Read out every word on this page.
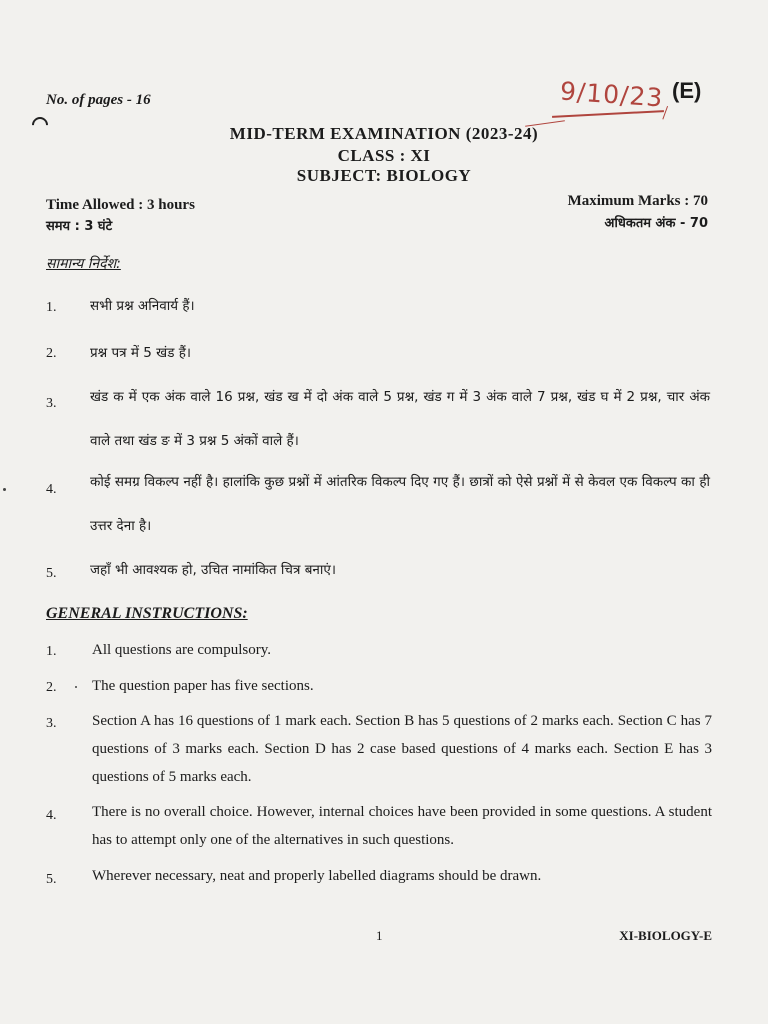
No. of pages - 16	9/10/23 (E)
MID-TERM EXAMINATION (2023-24)
CLASS : XI
SUBJECT: BIOLOGY
Time Allowed : 3 hours
समय : 3 घंटे
Maximum Marks : 70
अधिकतम अंक - 70
सामान्य निर्देश:
1. सभी प्रश्न अनिवार्य हैं।
2. प्रश्न पत्र में 5 खंड हैं।
3. खंड क में एक अंक वाले 16 प्रश्न, खंड ख में दो अंक वाले 5 प्रश्न, खंड ग में 3 अंक वाले 7 प्रश्न, खंड घ में 2 प्रश्न, चार अंक वाले तथा खंड ङ में 3 प्रश्न 5 अंकों वाले हैं।
4. कोई समग्र विकल्प नहीं है। हालांकि कुछ प्रश्नों में आंतरिक विकल्प दिए गए हैं। छात्रों को ऐसे प्रश्नों में से केवल एक विकल्प का ही उत्तर देना है।
5. जहाँ भी आवश्यक हो, उचित नामांकित चित्र बनाएं।
GENERAL INSTRUCTIONS:
1. All questions are compulsory.
2. The question paper has five sections.
3. Section A has 16 questions of 1 mark each. Section B has 5 questions of 2 marks each. Section C has 7 questions of 3 marks each. Section D has 2 case based questions of 4 marks each. Section E has 3 questions of 5 marks each.
4. There is no overall choice. However, internal choices have been provided in some questions. A student has to attempt only one of the alternatives in such questions.
5. Wherever necessary, neat and properly labelled diagrams should be drawn.
1	XI-BIOLOGY-E
